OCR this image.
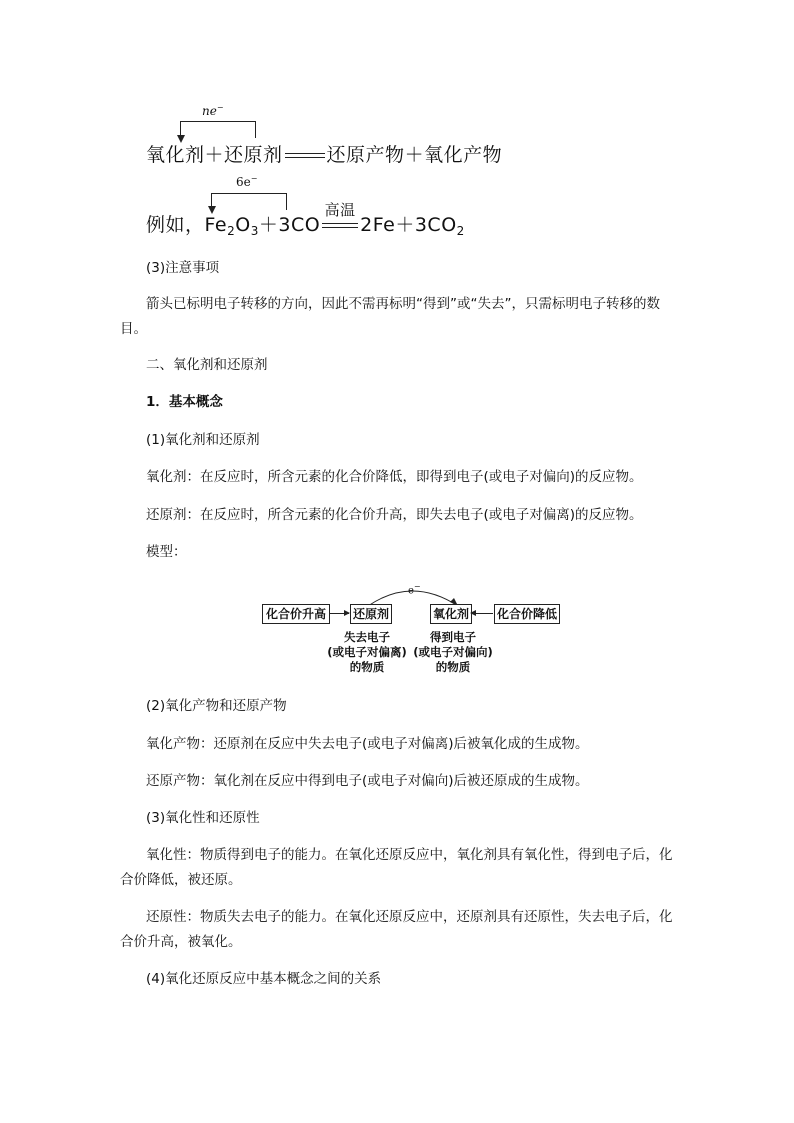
ne−
氧化剂＋还原剂 还原产物＋氧化产物
6e−
例如，$Fe_2O_3+3CO$
高温
$2Fe+3CO_2$
(3)注意事项
箭头已标明电子转移的方向，因此不需再标明“得到”或“失去”，只需标明电子转移的数目。
二、氧化剂和还原剂
1．基本概念
(1)氧化剂和还原剂
氧化剂：在反应时，所含元素的化合价降低，即得到电子(或电子对偏向)的反应物。
还原剂：在反应时，所含元素的化合价升高，即失去电子(或电子对偏离)的反应物。
模型：
e−
化合价升高	还原剂	氧化剂 化合价降低
失去电子
(或电子对偏离)
的物质
得到电子
(或电子对偏向)
的物质
(2)氧化产物和还原产物
氧化产物：还原剂在反应中失去电子(或电子对偏离)后被氧化成的生成物。
还原产物：氧化剂在反应中得到电子(或电子对偏向)后被还原成的生成物。
(3)氧化性和还原性
氧化性：物质得到电子的能力。在氧化还原反应中，氧化剂具有氧化性，得到电子后，化合价降低，被还原。
还原性：物质失去电子的能力。在氧化还原反应中，还原剂具有还原性，失去电子后，化合价升高，被氧化。
(4)氧化还原反应中基本概念之间的关系
